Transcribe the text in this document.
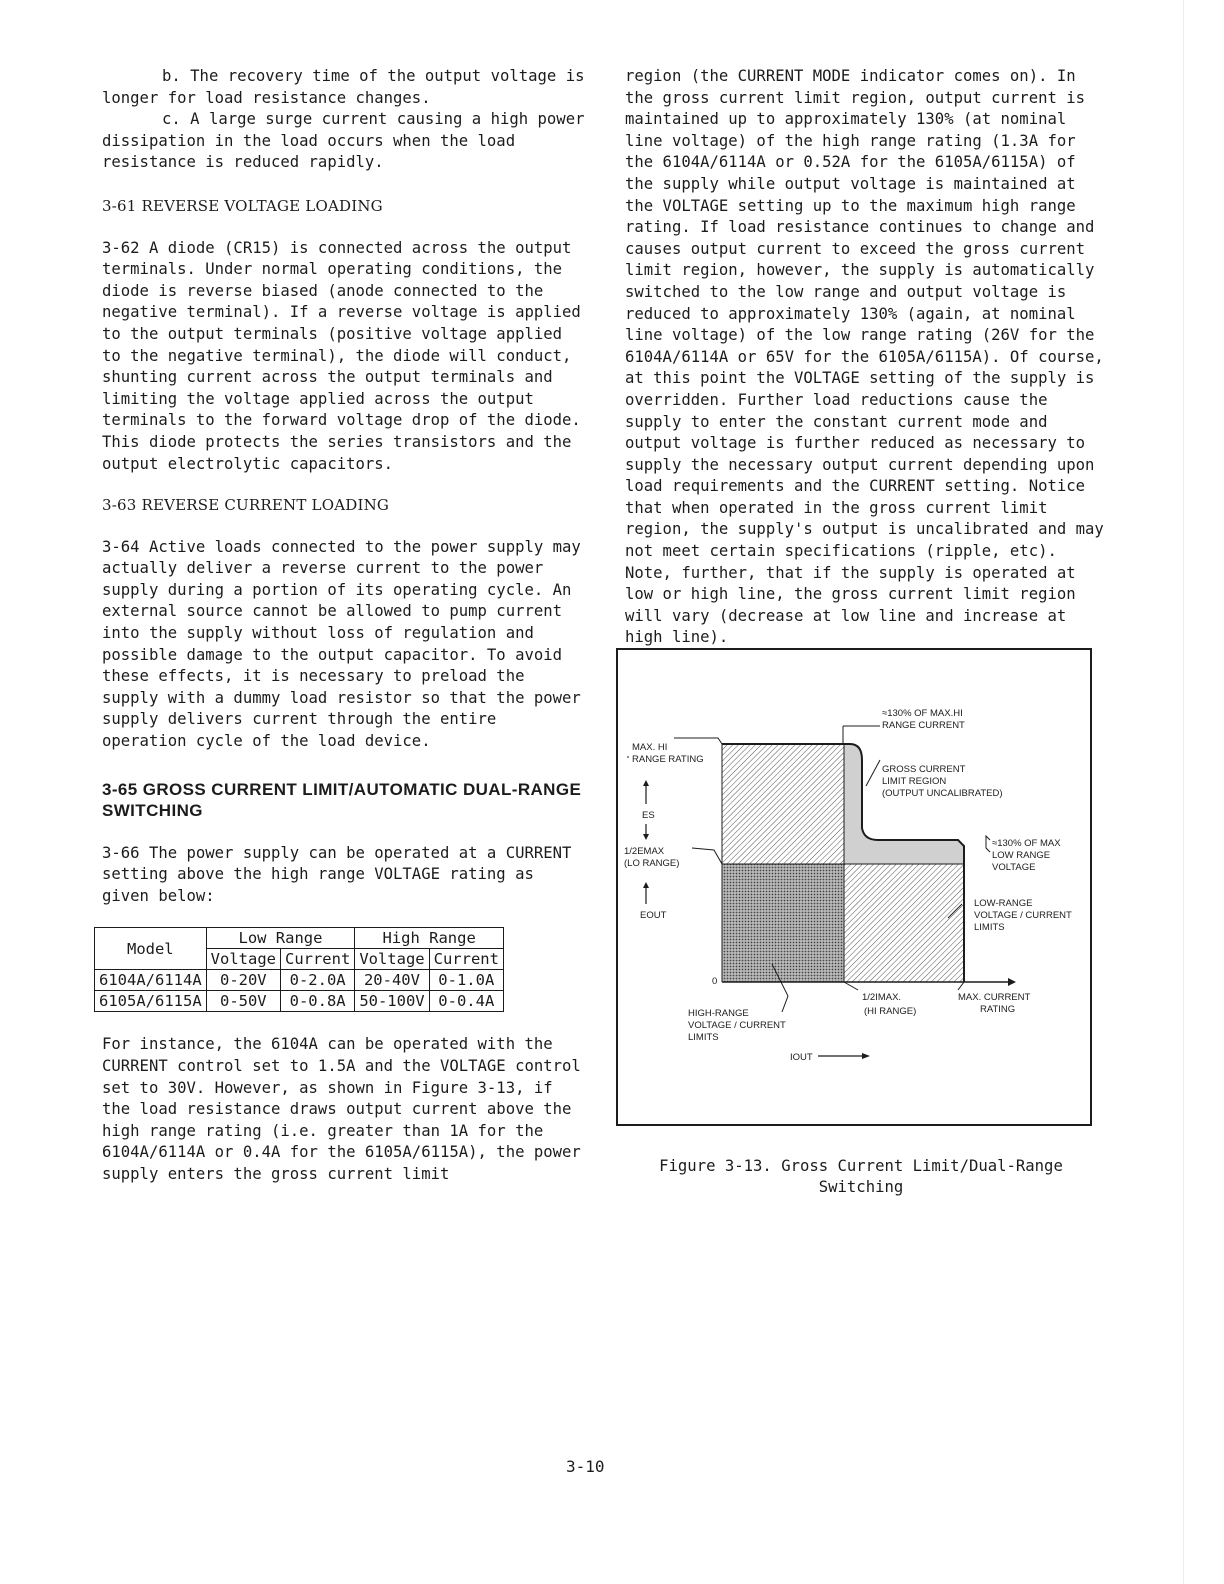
b. The recovery time of the output voltage is longer for load resistance changes.

c. A large surge current causing a high power dissipation in the load occurs when the load resistance is reduced rapidly.

3-61 REVERSE VOLTAGE LOADING

3-62 A diode (CR15) is connected across the output terminals. Under normal operating conditions, the diode is reverse biased (anode connected to the negative terminal). If a reverse voltage is applied to the output terminals (positive voltage applied to the negative terminal), the diode will conduct, shunting current across the output terminals and limiting the voltage applied across the output terminals to the forward voltage drop of the diode. This diode protects the series transistors and the output electrolytic capacitors.

3-63 REVERSE CURRENT LOADING

3-64 Active loads connected to the power supply may actually deliver a reverse current to the power supply during a portion of its operating cycle. An external source cannot be allowed to pump current into the supply without loss of regulation and possible damage to the output capacitor. To avoid these effects, it is necessary to preload the supply with a dummy load resistor so that the power supply delivers current through the entire operation cycle of the load device.

3-65 GROSS CURRENT LIMIT/AUTOMATIC DUAL-RANGE SWITCHING

3-66 The power supply can be operated at a CURRENT setting above the high range VOLTAGE rating as given below:

Model	Low Range		High Range	
	Voltage	Current	Voltage	Current
6104A/6114A	0-20V	0-2.0A	20-40V	0-1.0A
6105A/6115A	0-50V	0-0.8A	50-100V	0-0.4A

For instance, the 6104A can be operated with the CURRENT control set to 1.5A and the VOLTAGE control set to 30V. However, as shown in Figure 3-13, if the load resistance draws output current above the high range rating (i.e. greater than 1A for the 6104A/6114A or 0.4A for the 6105A/6115A), the power supply enters the gross current limit

region (the CURRENT MODE indicator comes on). In the gross current limit region, output current is maintained up to approximately 130% (at nominal line voltage) of the high range rating (1.3A for the 6104A/6114A or 0.52A for the 6105A/6115A) of the supply while output voltage is maintained at the VOLTAGE setting up to the maximum high range rating. If load resistance continues to change and causes output current to exceed the gross current limit region, however, the supply is automatically switched to the low range and output voltage is reduced to approximately 130% (again, at nominal line voltage) of the low range rating (26V for the 6104A/6114A or 65V for the 6105A/6115A). Of course, at this point the VOLTAGE setting of the supply is overridden. Further load reductions cause the supply to enter the constant current mode and output voltage is further reduced as necessary to supply the necessary output current depending upon load requirements and the CURRENT setting. Notice that when operated in the gross current limit region, the supply's output is uncalibrated and may not meet certain specifications (ripple, etc). Note, further, that if the supply is operated at low or high line, the gross current limit region will vary (decrease at low line and increase at high line).

≈130% OF MAX.HI
RANGE CURRENT
MAX. HI
RANGE RATING
ES
GROSS CURRENT
LIMIT REGION
(OUTPUT UNCALIBRATED)
1/2EMAX
(LO RANGE)
≈130% OF MAX
LOW RANGE
VOLTAGE
EOUT
LOW-RANGE
VOLTAGE / CURRENT
LIMITS
0
HIGH-RANGE
VOLTAGE / CURRENT
LIMITS
1/2IMAX.
(HI RANGE)
MAX. CURRENT
RATING
IOUT
Figure 3-13. Gross Current Limit/Dual-Range
Switching
3-10
